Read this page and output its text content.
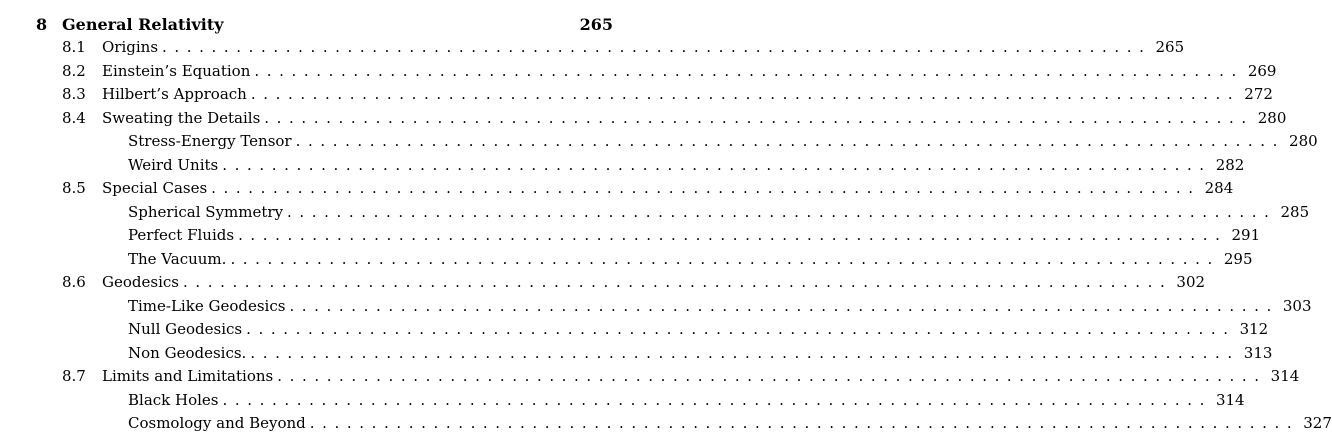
8 General Relativity	265
8.1 Origins ................................................................................ 265
8.2 Einstein’s Equation ................................................................................ 269
8.3 Hilbert’s Approach ................................................................................ 272
8.4 Sweating the Details ................................................................................ 280
Stress-Energy Tensor ................................................................................ 280
Weird Units ................................................................................ 282
8.5 Special Cases ................................................................................ 284
Spherical Symmetry ................................................................................ 285
Perfect Fluids ................................................................................ 291
The Vacuum. ................................................................................ 295
8.6 Geodesics ................................................................................ 302
Time-Like Geodesics ................................................................................ 303
Null Geodesics ................................................................................ 312
Non Geodesics. ................................................................................ 313
8.7 Limits and Limitations ................................................................................ 314
Black Holes ................................................................................ 314
Cosmology and Beyond ................................................................................ 327
